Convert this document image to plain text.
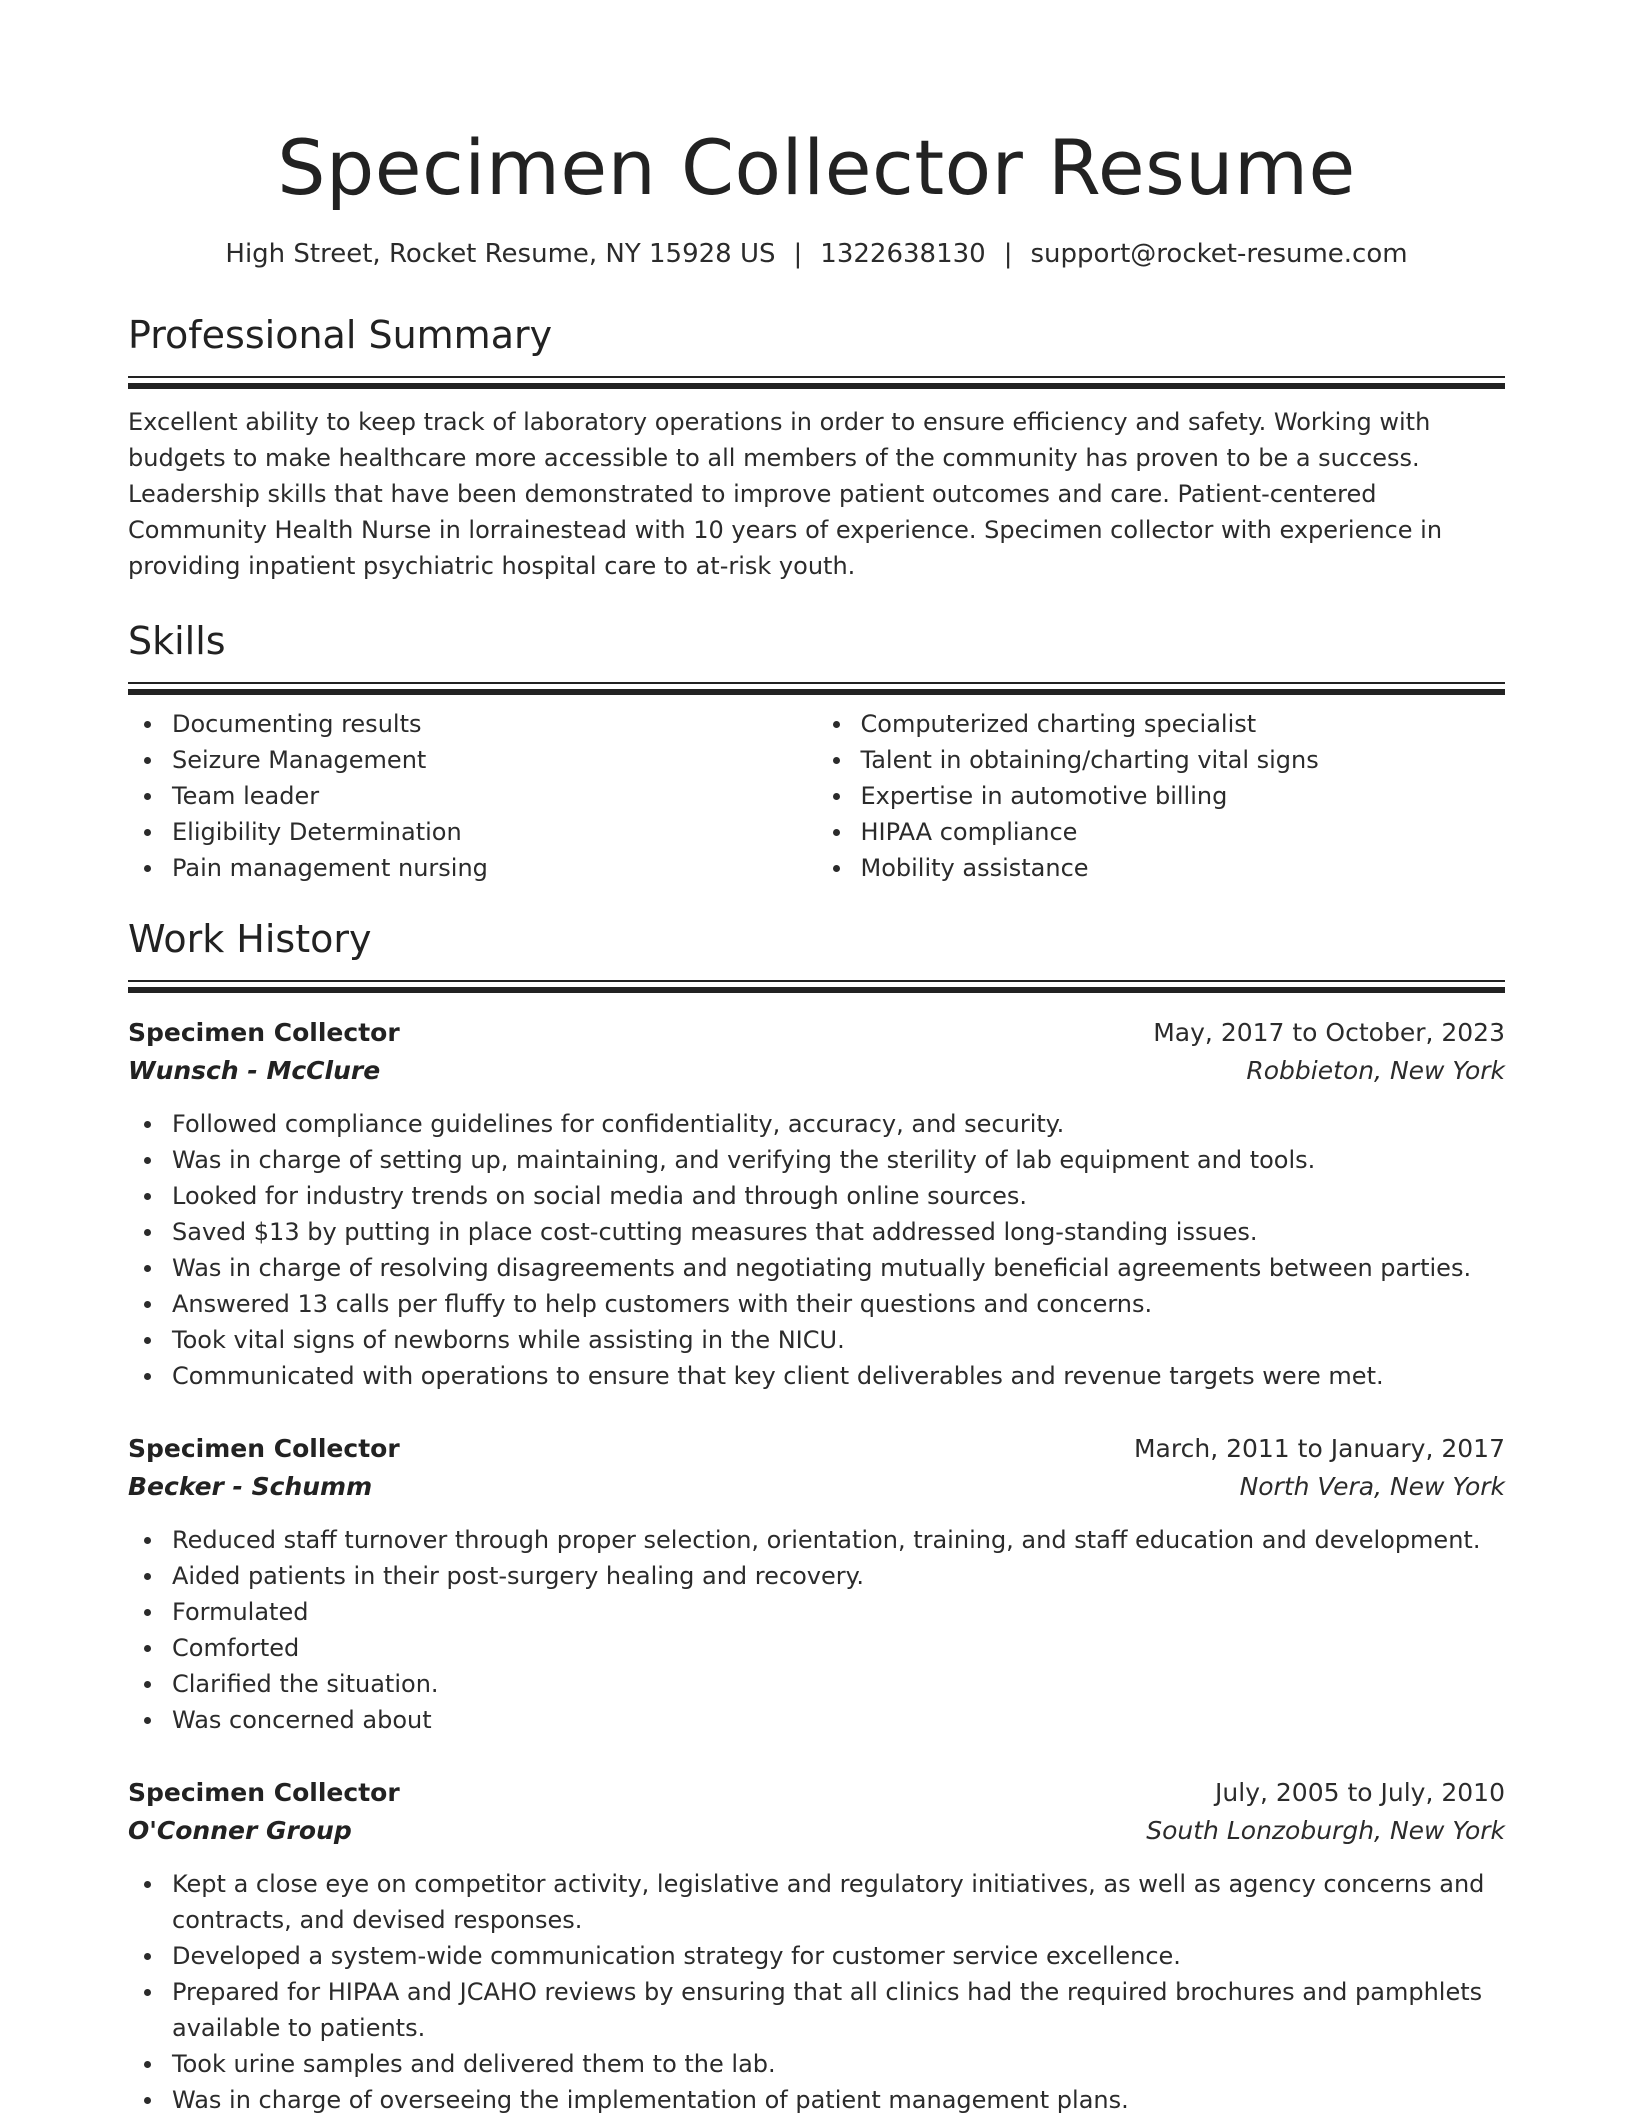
Specimen Collector Resume
High Street, Rocket Resume, NY 15928 US | 1322638130 | support@rocket-resume.com
Professional Summary

Excellent ability to keep track of laboratory operations in order to ensure efficiency and safety. Working with budgets to make healthcare more accessible to all members of the community has proven to be a success. Leadership skills that have been demonstrated to improve patient outcomes and care. Patient-centered Community Health Nurse in lorrainestead with 10 years of experience. Specimen collector with experience in providing inpatient psychiatric hospital care to at-risk youth.

Skills
Documenting results
Seizure Management
Team leader
Eligibility Determination
Pain management nursing
Computerized charting specialist
Talent in obtaining/charting vital signs
Expertise in automotive billing
HIPAA compliance
Mobility assistance
Work History
Specimen Collector	May, 2017 to October, 2023
Wunsch - McClure	Robbieton, New York
Followed compliance guidelines for confidentiality, accuracy, and security.
Was in charge of setting up, maintaining, and verifying the sterility of lab equipment and tools.
Looked for industry trends on social media and through online sources.
Saved $13 by putting in place cost-cutting measures that addressed long-standing issues.
Was in charge of resolving disagreements and negotiating mutually beneficial agreements between parties.
Answered 13 calls per fluffy to help customers with their questions and concerns.
Took vital signs of newborns while assisting in the NICU.
Communicated with operations to ensure that key client deliverables and revenue targets were met.
Specimen Collector	March, 2011 to January, 2017
Becker - Schumm	North Vera, New York
Reduced staff turnover through proper selection, orientation, training, and staff education and development.
Aided patients in their post-surgery healing and recovery.
Formulated
Comforted
Clarified the situation.
Was concerned about
Specimen Collector	July, 2005 to July, 2010
O'Conner Group	South Lonzoburgh, New York
Kept a close eye on competitor activity, legislative and regulatory initiatives, as well as agency concerns and contracts, and devised responses.
Developed a system-wide communication strategy for customer service excellence.
Prepared for HIPAA and JCAHO reviews by ensuring that all clinics had the required brochures and pamphlets available to patients.
Took urine samples and delivered them to the lab.
Was in charge of overseeing the implementation of patient management plans.
